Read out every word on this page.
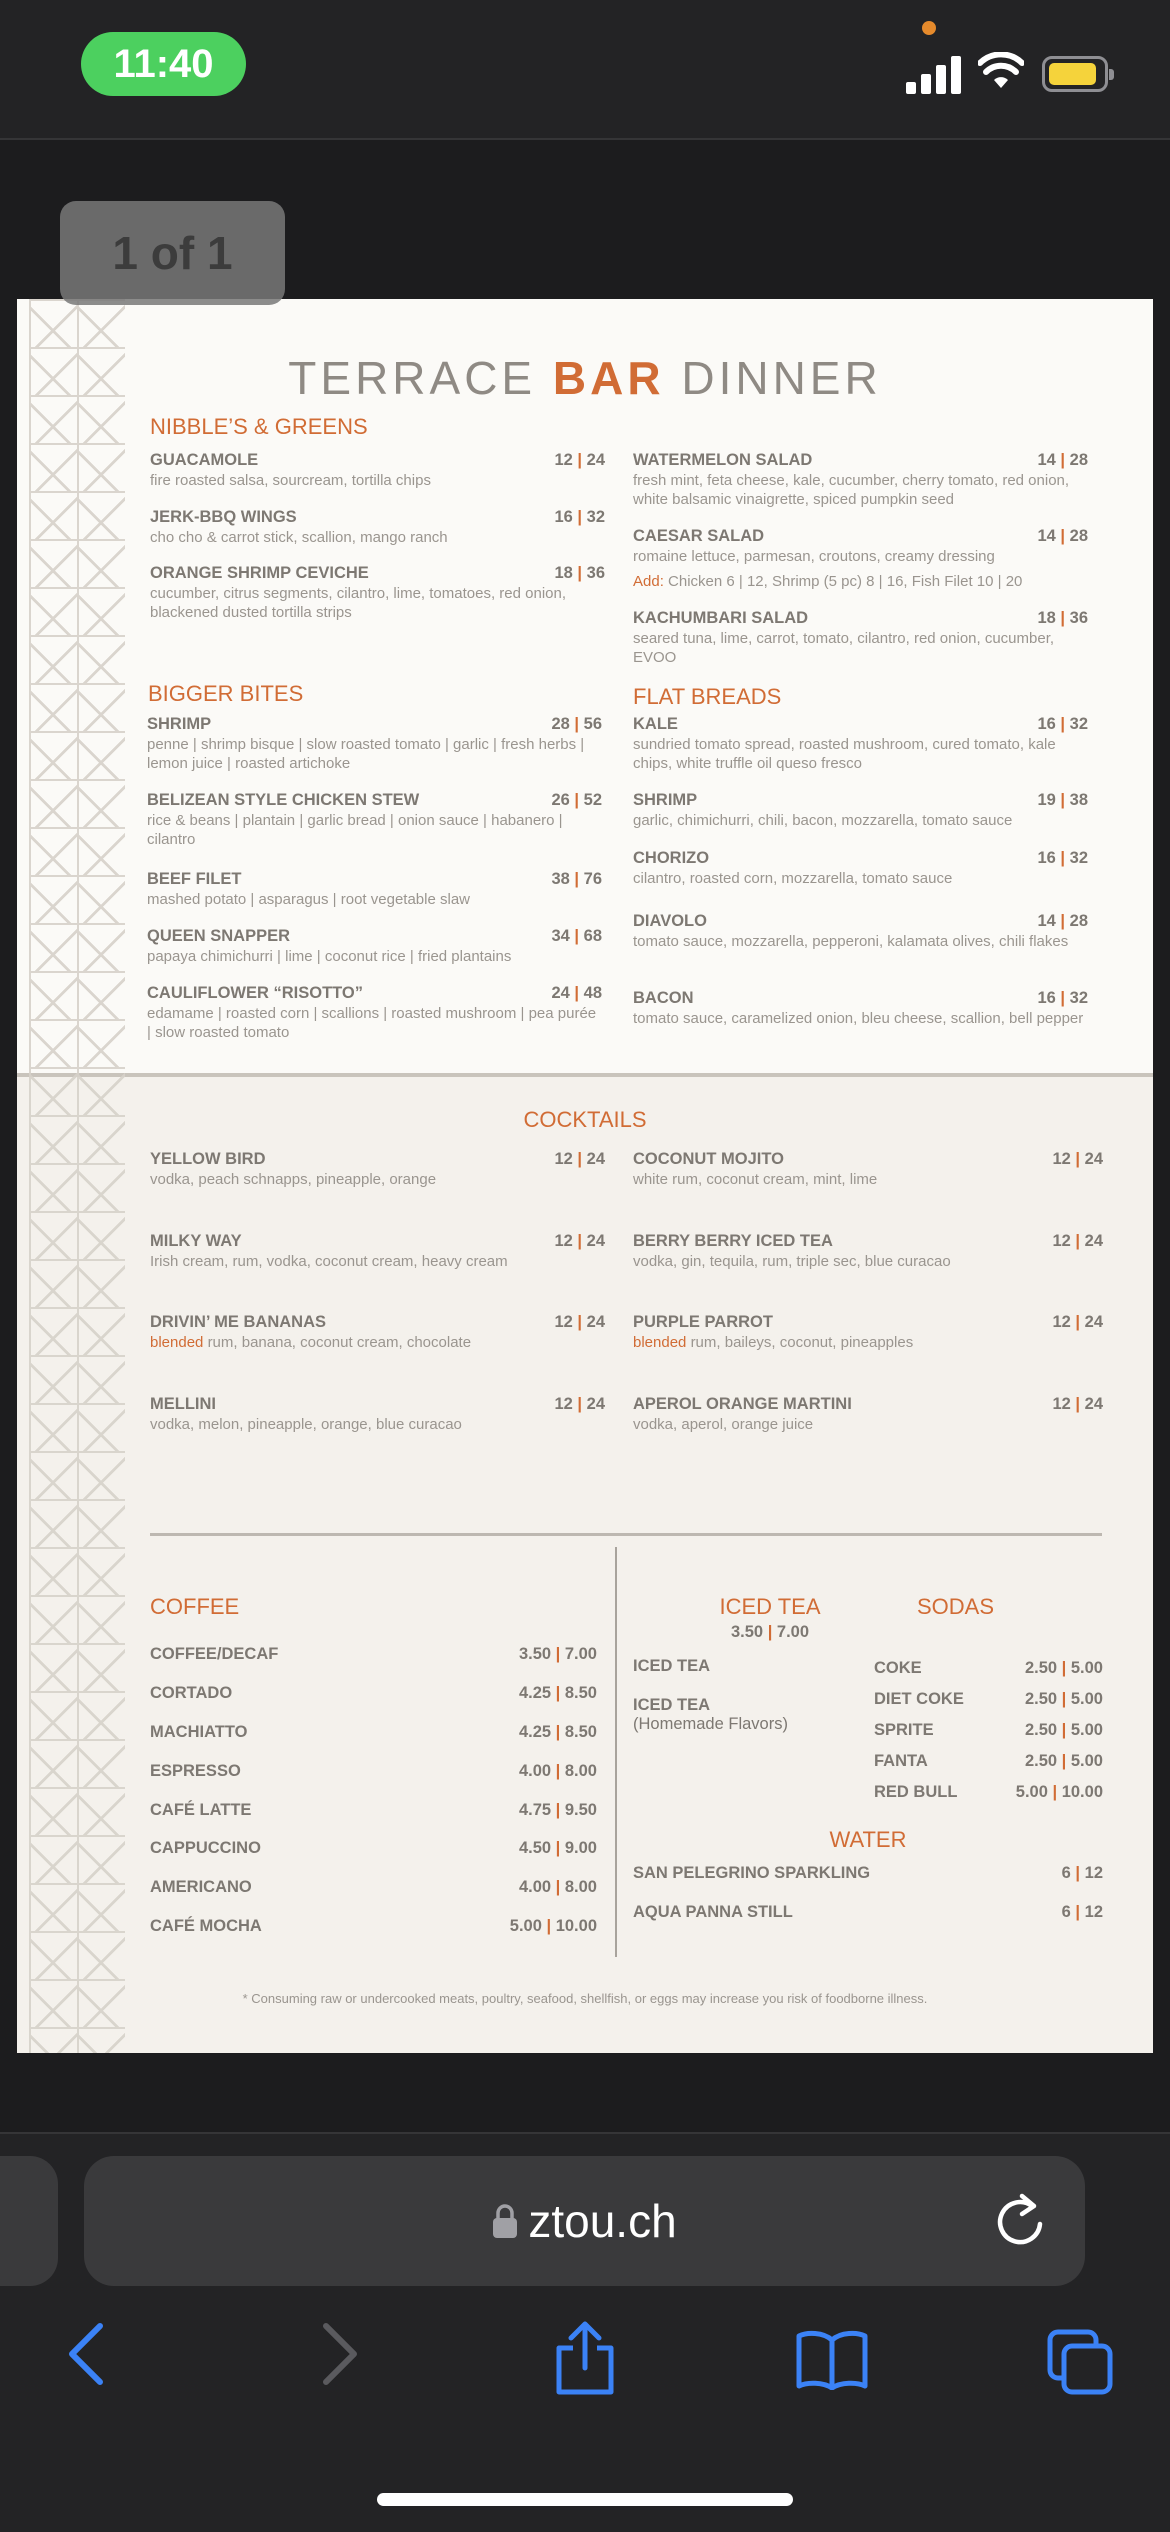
11:40
1 of 1
TERRACE BAR DINNER
NIBBLE’S & GREENS
GUACAMOLE
fire roasted salsa, sourcream, tortilla chips
12 | 24
JERK-BBQ WINGS
cho cho & carrot stick, scallion, mango ranch
16 | 32
ORANGE SHRIMP CEVICHE
cucumber, citrus segments, cilantro, lime, tomatoes, red onion, blackened dusted tortilla strips
18 | 36
WATERMELON SALAD
fresh mint, feta cheese, kale, cucumber, cherry tomato, red onion, white balsamic vinaigrette, spiced pumpkin seed
14 | 28
CAESAR SALAD
romaine lettuce, parmesan, croutons, creamy dressing
14 | 28
Add: Chicken 6 | 12, Shrimp (5 pc) 8 | 16, Fish Filet 10 | 20
KACHUMBARI SALAD
seared tuna, lime, carrot, tomato, cilantro, red onion, cucumber, EVOO
18 | 36
BIGGER BITES
SHRIMP
penne | shrimp bisque | slow roasted tomato | garlic | fresh herbs | lemon juice | roasted artichoke
28 | 56
BELIZEAN STYLE CHICKEN STEW
rice & beans | plantain | garlic bread | onion sauce | habanero | cilantro
26 | 52
BEEF FILET
mashed potato | asparagus | root vegetable slaw
38 | 76
QUEEN SNAPPER
papaya chimichurri | lime | coconut rice | fried plantains
34 | 68
CAULIFLOWER “RISOTTO”
edamame | roasted corn | scallions | roasted mushroom | pea purée | slow roasted tomato
24 | 48
FLAT BREADS
KALE
sundried tomato spread, roasted mushroom, cured tomato, kale chips, white truffle oil queso fresco
16 | 32
SHRIMP
garlic, chimichurri, chili, bacon, mozzarella, tomato sauce
19 | 38
CHORIZO
cilantro, roasted corn, mozzarella, tomato sauce
16 | 32
DIAVOLO
tomato sauce, mozzarella, pepperoni, kalamata olives, chili flakes
14 | 28
BACON
tomato sauce, caramelized onion, bleu cheese, scallion, bell pepper
16 | 32
COCKTAILS
YELLOW BIRD
vodka, peach schnapps, pineapple, orange
12 | 24
MILKY WAY
Irish cream, rum, vodka, coconut cream, heavy cream
12 | 24
DRIVIN’ ME BANANAS
blended rum, banana, coconut cream, chocolate
12 | 24
MELLINI
vodka, melon, pineapple, orange, blue curacao
12 | 24
COCONUT MOJITO
white rum, coconut cream, mint, lime
12 | 24
BERRY BERRY ICED TEA
vodka, gin, tequila, rum, triple sec, blue curacao
12 | 24
PURPLE PARROT
blended rum, baileys, coconut, pineapples
12 | 24
APEROL ORANGE MARTINI
vodka, aperol, orange juice
12 | 24
COFFEE
COFFEE/DECAF	3.50 | 7.00
CORTADO	4.25 | 8.50
MACHIATTO	4.25 | 8.50
ESPRESSO	4.00 | 8.00
CAFÉ LATTE	4.75 | 9.50
CAPPUCCINO	4.50 | 9.00
AMERICANO	4.00 | 8.00
CAFÉ MOCHA	5.00 | 10.00
ICED TEA
3.50 | 7.00
ICED TEA
ICED TEA
(Homemade Flavors)
SODAS
COKE	2.50 | 5.00
DIET COKE	2.50 | 5.00
SPRITE	2.50 | 5.00
FANTA	2.50 | 5.00
RED BULL	5.00 | 10.00
WATER
SAN PELEGRINO SPARKLING	6 | 12
AQUA PANNA STILL	6 | 12
* Consuming raw or undercooked meats, poultry, seafood, shellfish, or eggs may increase you risk of foodborne illness.
ztou.ch
